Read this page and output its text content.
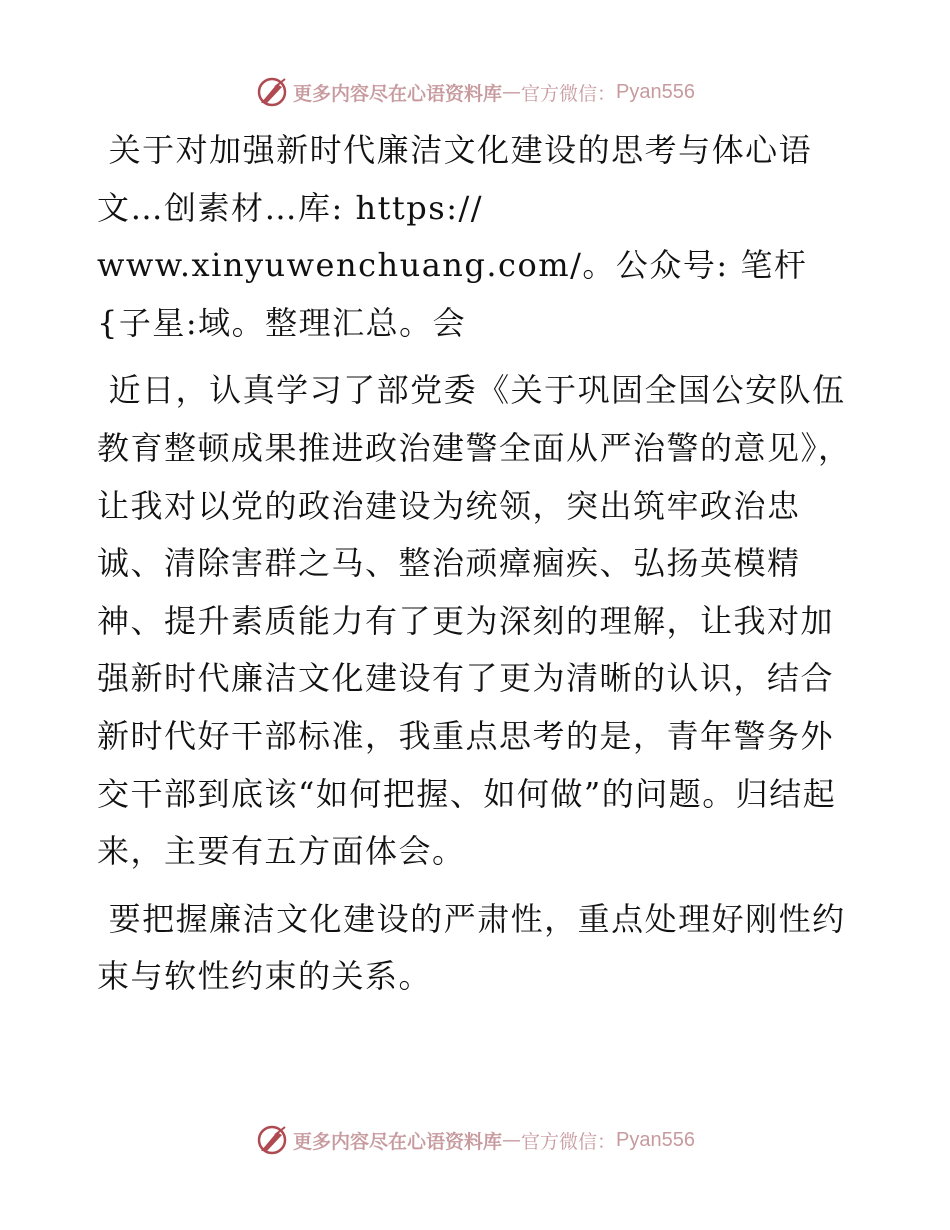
更多内容尽在心语资料库 — 官方微信： Pyan556

关于对加强新时代廉洁文化建设的思考与体心语文…创素材…库: https://
www.xinyuwenchuang.com/。公众号: 笔杆{子星:域。整理汇总。会

近日，认真学习了部党委《关于巩固全国公安队伍教育整顿成果推进政治建警全面从严治警的意见》，让我对以党的政治建设为统领，突出筑牢政治忠诚、清除害群之马、整治顽瘴痼疾、弘扬英模精神、提升素质能力有了更为深刻的理解，让我对加强新时代廉洁文化建设有了更为清晰的认识，结合新时代好干部标准，我重点思考的是，青年警务外交干部到底该“如何把握、如何做”的问题。归结起来，主要有五方面体会。

要把握廉洁文化建设的严肃性，重点处理好刚性约束与软性约束的关系。

更多内容尽在心语资料库 — 官方微信： Pyan556
